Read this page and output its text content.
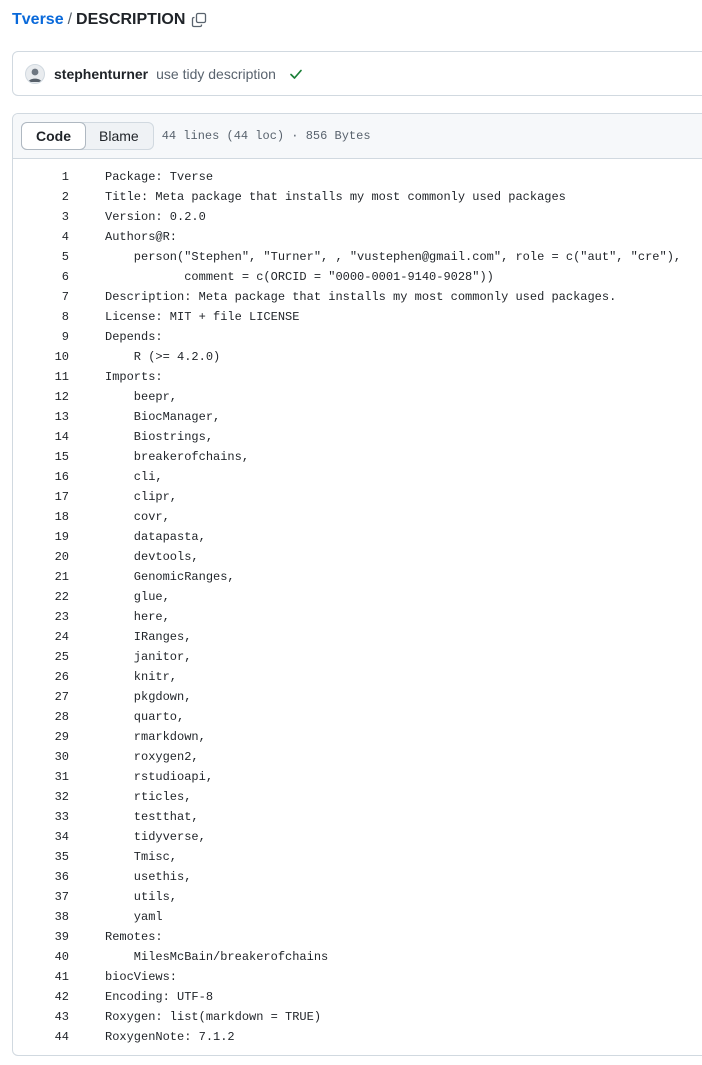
Tverse / DESCRIPTION
stephenturner use tidy description
Code	Blame	44 lines (44 loc) · 856 Bytes
1	Package: Tverse
2	Title: Meta package that installs my most commonly used packages
3	Version: 0.2.0
4	Authors@R:
5	person("Stephen", "Turner", , "vustephen@gmail.com", role = c("aut", "cre"),
6	comment = c(ORCID = "0000-0001-9140-9028"))
7	Description: Meta package that installs my most commonly used packages.
8	License: MIT + file LICENSE
9	Depends:
10	R (>= 4.2.0)
11	Imports:
12	beepr,
13	BiocManager,
14	Biostrings,
15	breakerofchains,
16	cli,
17	clipr,
18	covr,
19	datapasta,
20	devtools,
21	GenomicRanges,
22	glue,
23	here,
24	IRanges,
25	janitor,
26	knitr,
27	pkgdown,
28	quarto,
29	rmarkdown,
30	roxygen2,
31	rstudioapi,
32	rticles,
33	testthat,
34	tidyverse,
35	Tmisc,
36	usethis,
37	utils,
38	yaml
39	Remotes:
40	MilesMcBain/breakerofchains
41	biocViews:
42	Encoding: UTF-8
43	Roxygen: list(markdown = TRUE)
44	RoxygenNote: 7.1.2
